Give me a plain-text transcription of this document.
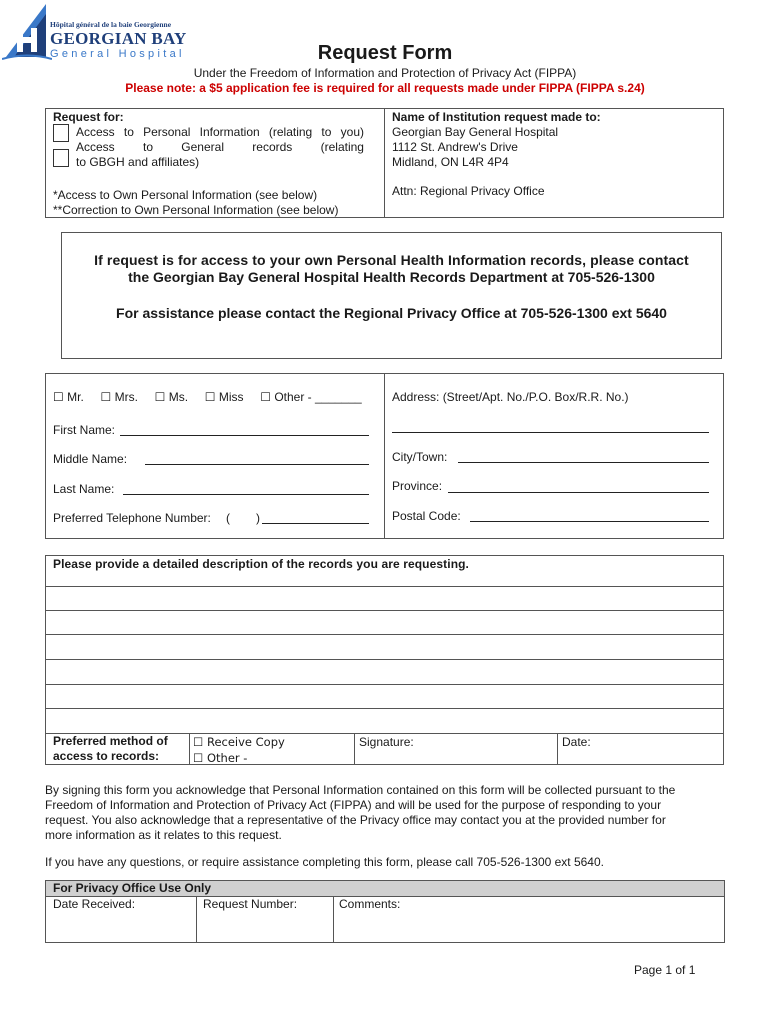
Hôpital général de la baie Georgienne
GEORGIAN BAY
General Hospital	Request Form
Under the Freedom of Information and Protection of Privacy Act (FIPPA)
Please note: a $5 application fee is required for all requests made under FIPPA (FIPPA s.24)
Request for:
Access to Personal Information (relating to you)
Access to General records (relating
to GBGH and affiliates)
*Access to Own Personal Information (see below)
**Correction to Own Personal Information (see below)
Name of Institution request made to:
Georgian Bay General Hospital
1112 St. Andrew's Drive
Midland, ON L4R 4P4
Attn: Regional Privacy Office
If request is for access to your own Personal Health Information records, please contact
the Georgian Bay General Hospital Health Records Department at 705-526-1300
For assistance please contact the Regional Privacy Office at 705-526-1300 ext 5640
☐ Mr. ☐ Mrs. ☐ Ms. ☐ Miss ☐ Other - _______
First Name:
Middle Name:
Last Name:
Preferred Telephone Number: ( )
Address: (Street/Apt. No./P.O. Box/R.R. No.)
City/Town:
Province:
Postal Code:
Please provide a detailed description of the records you are requesting.
Preferred method of
access to records:
☐ Receive Copy
☐ Other -
Signature:	Date:
By signing this form you acknowledge that Personal Information contained on this form will be collected pursuant to the
Freedom of Information and Protection of Privacy Act (FIPPA) and will be used for the purpose of responding to your
request. You also acknowledge that a representative of the Privacy office may contact you at the provided number for
more information as it relates to this request.
If you have any questions, or require assistance completing this form, please call 705-526-1300 ext 5640.
For Privacy Office Use Only
Date Received:	Request Number:	Comments:
Page 1 of 1
